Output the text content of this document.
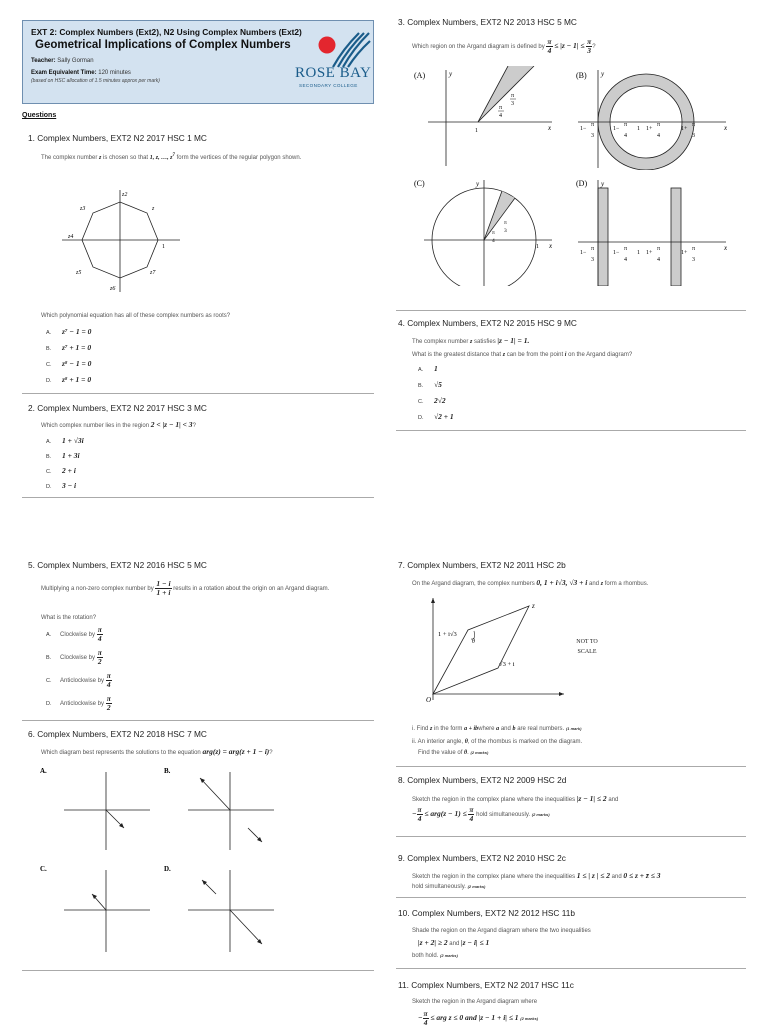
EXT 2: Complex Numbers (Ext2), N2 Using Complex Numbers (Ext2)
Geometrical Implications of Complex Numbers
Teacher: Sally Gorman
Exam Equivalent Time: 120 minutes
(based on HSC allocation of 1.5 minutes approx per mark)	ROSE BAY
SECONDARY COLLEGE
Questions
1. Complex Numbers, EXT2 N2 2017 HSC 1 MC
The complex number z is chosen so that 1, z, …, $z^7$ form the vertices of the regular polygon shown.
1
z
z2
z3
z4
z5
z6
z7
Which polynomial equation has all of these complex numbers as roots?
A. z⁷ − 1 = 0
B. z⁷ + 1 = 0
C. z⁸ − 1 = 0
D. z⁸ + 1 = 0
2. Complex Numbers, EXT2 N2 2017 HSC 3 MC
Which complex number lies in the region 2 < |z − 1| < 3?
A. 1 + √3i
B. 1 + 3i
C. 2 + i
D. 3 − i
3. Complex Numbers, EXT2 N2 2013 HSC 5 MC
Which region on the Argand diagram is defined by $\frac{\pi}{4} \le |z - 1| \le \frac{\pi}{3}$ ?
(A)	y
x
1
π
3
π
4
(B) y
x
1−
π
3
1−
π
4
1 1+
π
4
1+
π
3
(C)	y
x
1
π
3
π
4
(D) y
x
1−
π
3
1−
π
4
1 1+
π
4
1+
π
3
4. Complex Numbers, EXT2 N2 2015 HSC 9 MC
The complex number z satisfies |z − 1| = 1.
What is the greatest distance that z can be from the point i on the Argand diagram?
A. 1
B. √5
C. 2√2
D. √2 + 1
5. Complex Numbers, EXT2 N2 2016 HSC 5 MC
Multiplying a non-zero complex number by $\frac{1 - i}{1 + i}$ results in a rotation about the origin on an Argand diagram.
What is the rotation?
A. Clockwise by $\frac{\pi}{4}$
B. Clockwise by $\frac{\pi}{2}$
C. Anticlockwise by $\frac{\pi}{4}$
D. Anticlockwise by $\frac{\pi}{2}$
6. Complex Numbers, EXT2 N2 2018 HSC 7 MC
Which diagram best represents the solutions to the equation arg(z) = arg(z + 1 − i)?
A.	B.
C.	D.
7. Complex Numbers, EXT2 N2 2011 HSC 2b
On the Argand diagram, the complex numbers 0, 1 + i√3, √3 + i and z form a rhombus.
O
1 + i√3
√3 + i
z
θ	NOT TO
SCALE
i. Find z in the form a + ibwhere a and b are real numbers. (1 mark)
ii. An interior angle, θ, of the rhombus is marked on the diagram.
Find the value of θ. (2 marks)
8. Complex Numbers, EXT2 N2 2009 HSC 2d
Sketch the region in the complex plane where the inequalities |z − 1| ≤ 2 and
− $\frac{\pi}{4} \le arg(z - 1) \le \frac{\pi}{4}$ hold simultaneously. (2 marks)
9. Complex Numbers, EXT2 N2 2010 HSC 2c
Sketch the region in the complex plane where the inequalities 1 ≤ | z | ≤ 2 and 0 ≤ z + z̄ ≤ 3
hold simultaneously. (2 marks)
10. Complex Numbers, EXT2 N2 2012 HSC 11b
Shade the region on the Argand diagram where the two inequalities
|z + 2| ≥ 2 and |z − i| ≤ 1
both hold. (2 marks)
11. Complex Numbers, EXT2 N2 2017 HSC 11c
Sketch the region in the Argand diagram where
− $\frac{\pi}{4}$ ≤ arg z ≤ 0 and |z − 1 + i| ≤ 1 (2 marks)
